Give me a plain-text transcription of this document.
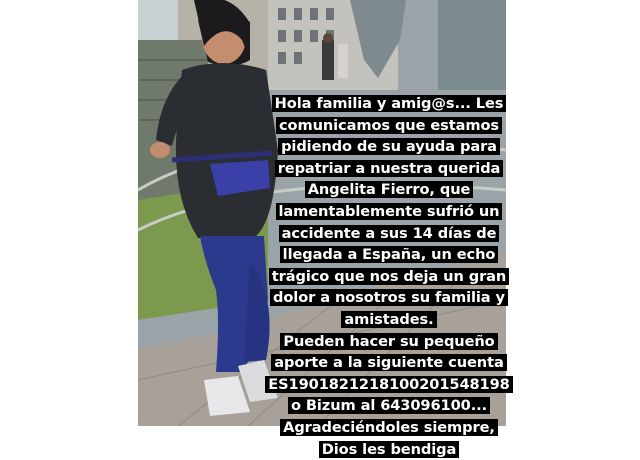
Hola familia y amig@s... Les
comunicamos que estamos
pidiendo de su ayuda para
repatriar a nuestra querida
Angelita Fierro, que
lamentablemente sufrió un
accidente a sus 14 días de
llegada a España, un echo
trágico que nos deja un gran
dolor a nosotros su familia y
amistades.
Pueden hacer su pequeño
aporte a la siguiente cuenta
ES1901821218100201548198
o Bizum al 643096100...
Agradeciéndoles siempre,
Dios les bendiga
